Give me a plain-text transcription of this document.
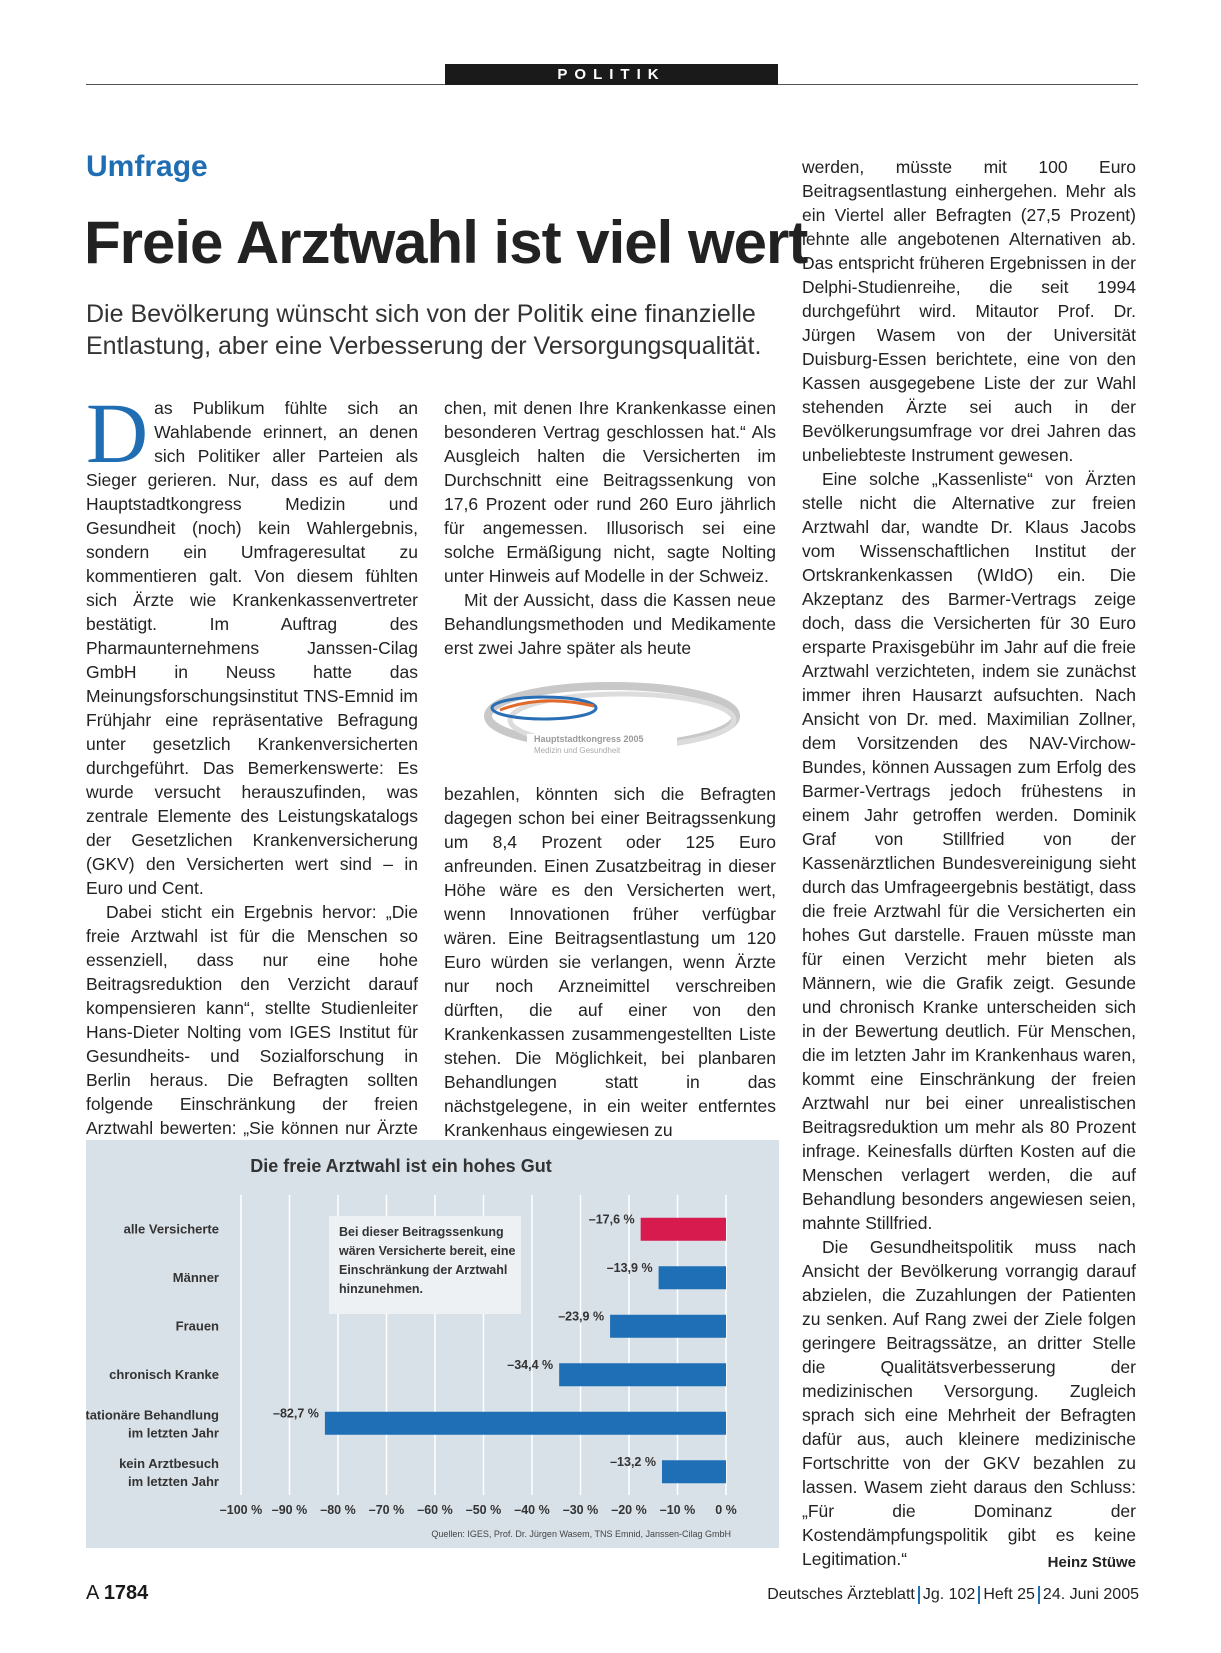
POLITIK
Umfrage
Freie Arztwahl ist viel wert
Die Bevölkerung wünscht sich von der Politik eine finanzielle Entlastung, aber eine Verbesserung der Versorgungsqualität.

Das Publikum fühlte sich an Wahlabende erinnert, an denen sich Politiker aller Parteien als Sieger gerieren. Nur, dass es auf dem Hauptstadtkongress Medizin und Gesundheit (noch) kein Wahlergebnis, sondern ein Umfrageresultat zu kommentieren galt. Von diesem fühlten sich Ärzte wie Krankenkassenvertreter bestätigt. Im Auftrag des Pharmaunternehmens Janssen-Cilag GmbH in Neuss hatte das Meinungsforschungsinstitut TNS-Emnid im Frühjahr eine repräsentative Befragung unter gesetzlich Krankenversicherten durchgeführt. Das Bemerkenswerte: Es wurde versucht herauszufinden, was zentrale Elemente des Leistungskatalogs der Gesetzlichen Krankenversicherung (GKV) den Versicherten wert sind – in Euro und Cent.

Dabei sticht ein Ergebnis hervor: „Die freie Arztwahl ist für die Menschen so essenziell, dass nur eine hohe Beitragsreduktion den Verzicht darauf kompensieren kann“, stellte Studienleiter Hans-Dieter Nolting vom IGES Institut für Gesundheits- und Sozialforschung in Berlin heraus. Die Befragten sollten folgende Einschränkung der freien Arztwahl bewerten: „Sie können nur Ärzte

chen, mit denen Ihre Krankenkasse einen besonderen Vertrag geschlossen hat.“ Als Ausgleich halten die Versicherten im Durchschnitt eine Beitragssenkung von 17,6 Prozent oder rund 260 Euro jährlich für angemessen. Illusorisch sei eine solche Ermäßigung nicht, sagte Nolting unter Hinweis auf Modelle in der Schweiz.

Mit der Aussicht, dass die Kassen neue Behandlungsmethoden und Medikamente erst zwei Jahre später als heute

Hauptstadtkongress 2005
Medizin und Gesundheit

bezahlen, könnten sich die Befragten dagegen schon bei einer Beitragssenkung um 8,4 Prozent oder 125 Euro anfreunden. Einen Zusatzbeitrag in dieser Höhe wäre es den Versicherten wert, wenn Innovationen früher verfügbar wären. Eine Beitragsentlastung um 120 Euro würden sie verlangen, wenn Ärzte nur noch Arzneimittel verschreiben dürften, die auf einer von den Krankenkassen zusammengestellten Liste stehen. Die Möglichkeit, bei planbaren Behandlungen statt in das nächstgelegene, in ein weiter entferntes Krankenhaus eingewiesen zu

werden, müsste mit 100 Euro Beitragsentlastung einhergehen. Mehr als ein Viertel aller Befragten (27,5 Prozent) lehnte alle angebotenen Alternativen ab. Das entspricht früheren Ergebnissen in der Delphi-Studienreihe, die seit 1994 durchgeführt wird. Mitautor Prof. Dr. Jürgen Wasem von der Universität Duisburg-Essen berichtete, eine von den Kassen ausgegebene Liste der zur Wahl stehenden Ärzte sei auch in der Bevölkerungsumfrage vor drei Jahren das unbeliebteste Instrument gewesen.

Eine solche „Kassenliste“ von Ärzten stelle nicht die Alternative zur freien Arztwahl dar, wandte Dr. Klaus Jacobs vom Wissenschaftlichen Institut der Ortskrankenkassen (WIdO) ein. Die Akzeptanz des Barmer-Vertrags zeige doch, dass die Versicherten für 30 Euro ersparte Praxisgebühr im Jahr auf die freie Arztwahl verzichteten, indem sie zunächst immer ihren Hausarzt aufsuchten. Nach Ansicht von Dr. med. Maximilian Zollner, dem Vorsitzenden des NAV-Virchow-Bundes, können Aussagen zum Erfolg des Barmer-Vertrags jedoch frühestens in einem Jahr getroffen werden. Dominik Graf von Stillfried von der Kassenärztlichen Bundesvereinigung sieht durch das Umfrageergebnis bestätigt, dass die freie Arztwahl für die Versicherten ein hohes Gut darstelle. Frauen müsste man für einen Verzicht mehr bieten als Männern, wie die Grafik zeigt. Gesunde und chronisch Kranke unterscheiden sich in der Bewertung deutlich. Für Menschen, die im letzten Jahr im Krankenhaus waren, kommt eine Einschränkung der freien Arztwahl nur bei einer unrealistischen Beitragsreduktion um mehr als 80 Prozent infrage. Keinesfalls dürften Kosten auf die Menschen verlagert werden, die auf Behandlung besonders angewiesen seien, mahnte Stillfried.

Die Gesundheitspolitik muss nach Ansicht der Bevölkerung vorrangig darauf abzielen, die Zuzahlungen der Patienten zu senken. Auf Rang zwei der Ziele folgen geringere Beitragssätze, an dritter Stelle die Qualitätsverbesserung der medizinischen Versorgung. Zugleich sprach sich eine Mehrheit der Befragten dafür aus, auch kleinere medizinische Fortschritte von der GKV bezahlen zu lassen. Wasem zieht daraus den Schluss: „Für die Dominanz der Kostendämpfungspolitik gibt es keine Legitimation.“	Heinz Stüwe

Die freie Arztwahl ist ein hohes Gut
Bei dieser Beitragssenkung wären Versicherte bereit, eine Einschränkung der Arztwahl hinzunehmen.
–17,6 %
alle Versicherte
–13,9 %
Männer
–23,9 %
Frauen
–34,4 %
chronisch Kranke
–82,7 %
stationäre Behandlung im letzten Jahr
–13,2 %
kein Arztbesuch im letzten Jahr
–100 % –90 % –80 % –70 % –60 % –50 % –40 % –30 % –20 % –10 % 0 %
Quellen: IGES, Prof. Dr. Jürgen Wasem, TNS Emnid, Janssen-Cilag GmbH
A 1784	Deutsches Ärzteblatt Jg. 102 Heft 25 24. Juni 2005
